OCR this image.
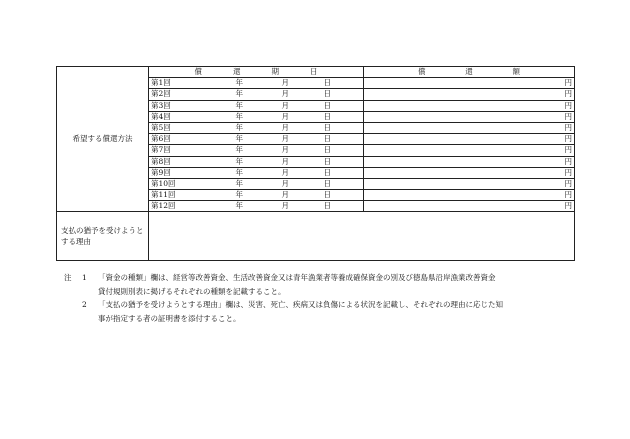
希望する償還方法	償 還 期 日	償 還 額

	第1回 年 月 日	円

	第2回 年 月 日	円

	第3回 年 月 日	円

	第4回 年 月 日	円

	第5回 年 月 日	円

	第6回 年 月 日	円

	第7回 年 月 日	円

	第8回 年 月 日	円

	第9回 年 月 日	円

	第10回 年 月 日	円

	第11回 年 月 日	円

	第12回 年 月 日	円
支払の猶予を受けようとする理由		
注	1	「資金の種類」欄は、経営等改善資金、生活改善資金又は青年漁業者等養成確保資金の別及び徳島県沿岸漁業改善資金
貸付規則別表に掲げるそれぞれの種類を記載すること。
2	「支払の猶予を受けようとする理由」欄は、災害、死亡、疾病又は負傷による状況を記載し、それぞれの理由に応じた知
事が指定する者の証明書を添付すること。
